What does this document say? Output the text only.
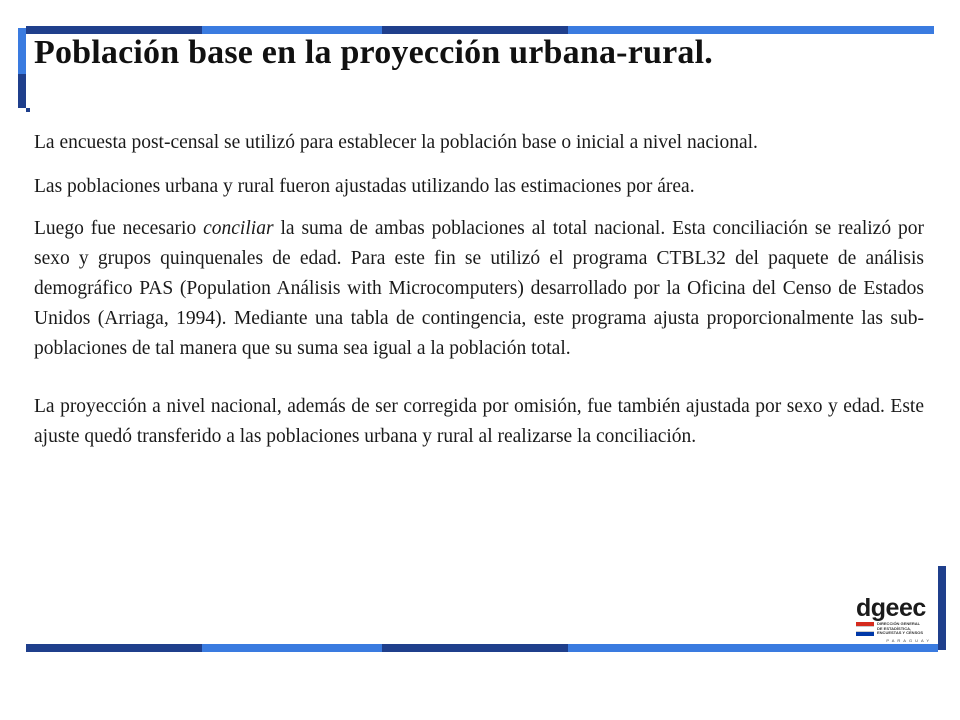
Población base en la proyección urbana-rural.

La encuesta post-censal se utilizó para establecer la población base o inicial a nivel nacional.

Las poblaciones urbana y rural fueron ajustadas utilizando las estimaciones por área.

Luego fue necesario conciliar la suma de ambas poblaciones al total nacional. Esta conciliación se realizó por sexo y grupos quinquenales de edad. Para este fin se utilizó el programa CTBL32 del paquete de análisis demográfico PAS (Population Análisis with Microcomputers) desarrollado por la Oficina del Censo de Estados Unidos (Arriaga, 1994). Mediante una tabla de contingencia, este programa ajusta proporcionalmente las sub-poblaciones de tal manera que su suma sea igual a la población total.

La proyección a nivel nacional, además de ser corregida por omisión, fue también ajustada por sexo y edad. Este ajuste quedó transferido a las poblaciones urbana y rural al realizarse la conciliación.

dgeec
DIRECCIÓN GENERAL
DE ESTADÍSTICA,
ENCUESTAS Y CENSOS
PARAGUAY
